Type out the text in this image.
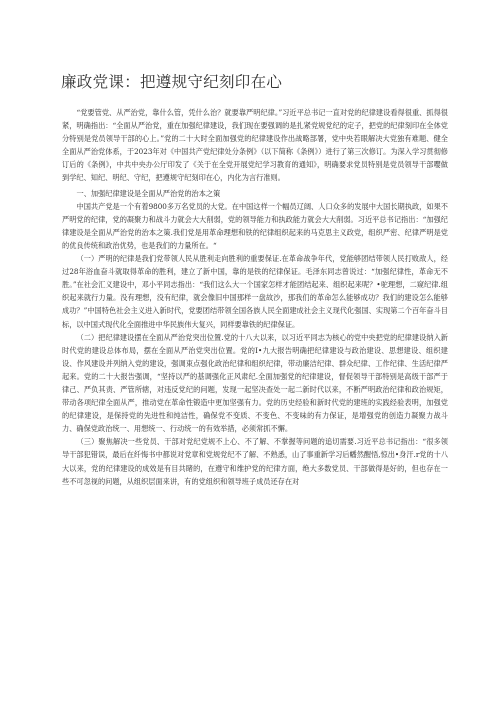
廉政党课：把遵规守纪刻印在心

“党要管党、从严治党，靠什么管，凭什么治？就要靠严明纪律。”习近平总书记一直对党的纪律建设看得很重、抓得很紧，明确指出：“全面从严治党，重在加强纪律建设，我们现在要强调的是扎紧党规党纪的定子，把党的纪律刻印在全体党分特别是党员领导干部的心上。”党的二十大时全面加强党的纪律建设作出战略部署，党中央若眼解决大党独有难题、健全全面从严治党体系，于2023年对《中国共产党纪律处分条例》（以下简称《条例》）进行了第三次修订。为深入学习贯彻修订后的《条例》，中共中央办公厅印发了《关于在全党开展党纪学习教育的通知》，明确要求党员特别是党员领导干部嘤做到学纪、知纪、明纪、守纪，把遵规守纪刻印在心，内化为言行准则。

一、加强纪律建设是全面从严治党的治本之策

中国共产党是一个有着9800多万名党员的大党。在中国这样一个幅员辽阔、人口众多的发展中大国长期执政，如果不严明党的纪律，党的凝聚力和战斗力就会大大削弱，党的领导能力和执政能力就会大大削弱。习近平总书记指出：“加强纪律建设是全面从严治党的治本之策.我们党是用革命理想和铁的纪律组织起来的马克思主义政党，组织严密、纪律严明是党的优良传统和政治优势，也是我们的力量所在。“

（一）严明的纪律是我们党带领人民从胜利走向胜利的重要保证.在革命战争年代，党能够团结带领人民打败敌人，经过28年浴血奋斗就取得革命的胜利，建立了新中国，靠的是铁的纪律保证。毛泽东同志曾说过：“加强纪律性，革命无不胜。”在社会汇义建设中，邓小平同志指出：“我们这么大一个国家怎样才能团结起来、组织起来呢？•驼理想，二窥纪律.组织起来就行力量。没有理想，没有纪律，就会像旧中国那样一盘故沙，那我们的革命怎么能够成功？我们的建设怎么能够成功？”中国特色社会主义进入新时代，党要团结带领全国各族人民全面建成社会主义现代化强国、实现第二个百年奋斗目标，以中国式现代化全面推进中华民族伟大复兴，同样要靠铁的纪律保证。

（二）把纪律建设摆在全面从严治党突出位置.党的十八大以来，以习近平同志为核心的党中央把党的纪律建设纳入新时代党的建设总体布局，摆在全面从严治党突出位置。党的I•九大报告明确把纪律建设与政治建设、思想建设、组织建设、作风建设并列纳入党的建设，强调束点强化政治纪律和组织纪律，带动廉洁纪律、群众纪律、工作纪律、生活纪律严起来。党的二十大报告强调，“坚持以严的基调强化正风肃纪.全面加强党的纪律建设，督促领导干部特别是高级干部严于律己、严负其责、严管所辖，对违反党纪的问题，发现一起坚决查处一起二新时代以来，不断严明政治纪律和政治规矩，带动各项纪律全面从严，推动党在革命性锻造中更加坚强有力。党的历史经验和新时代党的建班的实践经验表明，加强党的纪律建设，是保持党的先进性和纯洁性，确保党不变质、不变色、不变味的有力保证，是增强党的创造力凝聚力战斗力、确保党政治统一、用想统一、行动统一的有效举措，必须常抓不懈。

（三）聚焦解决一些党员、干部对党纪党规不上心、不了解、不掌握等问题的追切需要.习近平总书记指出：“很多领导干部犯错误，最后在纤悔书中都说对党章和党规党纪不了解、不熟悉，山了事重新学习后幡然醒悟,惊出•身汗.r党的十八大以来，党的纪律建设的成效是有目共睹的，在遵守和维护党的纪律方面，绝大多数党员、干部做得是好的，但也存在一些不可忽视的问题，从组织层面来讲，有的党组织和领导班子成员还存在对
